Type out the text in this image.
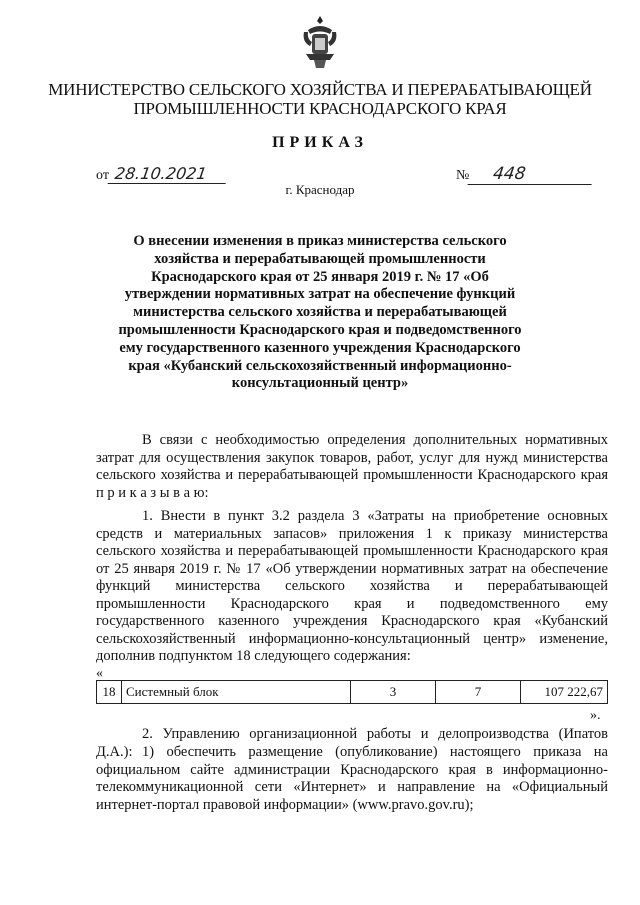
МИНИСТЕРСТВО СЕЛЬСКОГО ХОЗЯЙСТВА И ПЕРЕРАБАТЫВАЮЩЕЙ
ПРОМЫШЛЕННОСТИ КРАСНОДАРСКОГО КРАЯ
ПРИКАЗ
от 28.10.2021	№ 448
г. Краснодар
О внесении изменения в приказ министерства сельского хозяйства и перерабатывающей промышленности Краснодарского края от 25 января 2019 г. № 17 «Об утверждении нормативных затрат на обеспечение функций министерства сельского хозяйства и перерабатывающей промышленности Краснодарского края и подведомственного ему государственного казенного учреждения Краснодарского края «Кубанский сельскохозяйственный информационно-консультационный центр»
В связи с необходимостью определения дополнительных нормативных затрат для осуществления закупок товаров, работ, услуг для нужд министерства сельского хозяйства и перерабатывающей промышленности Краснодарского края п р и к а з ы в а ю:
1. Внести в пункт 3.2 раздела 3 «Затраты на приобретение основных средств и материальных запасов» приложения 1 к приказу министерства сельского хозяйства и перерабатывающей промышленности Краснодарского края от 25 января 2019 г. № 17 «Об утверждении нормативных затрат на обеспечение функций министерства сельского хозяйства и перерабатывающей промышленности Краснодарского края и подведомственного ему государственного казенного учреждения Краснодарского края «Кубанский сельскохозяйственный информационно-консультационный центр» изменение, дополнив подпунктом 18 следующего содержания:
«
18	Системный блок	3	7	107 222,67
».
2. Управлению организационной работы и делопроизводства (Ипатов Д.А.): 1) обеспечить размещение (опубликование) настоящего приказа на официальном сайте администрации Краснодарского края в информационно-телекоммуникационной сети «Интернет» и направление на «Официальный интернет-портал правовой информации» (www.pravo.gov.ru);
